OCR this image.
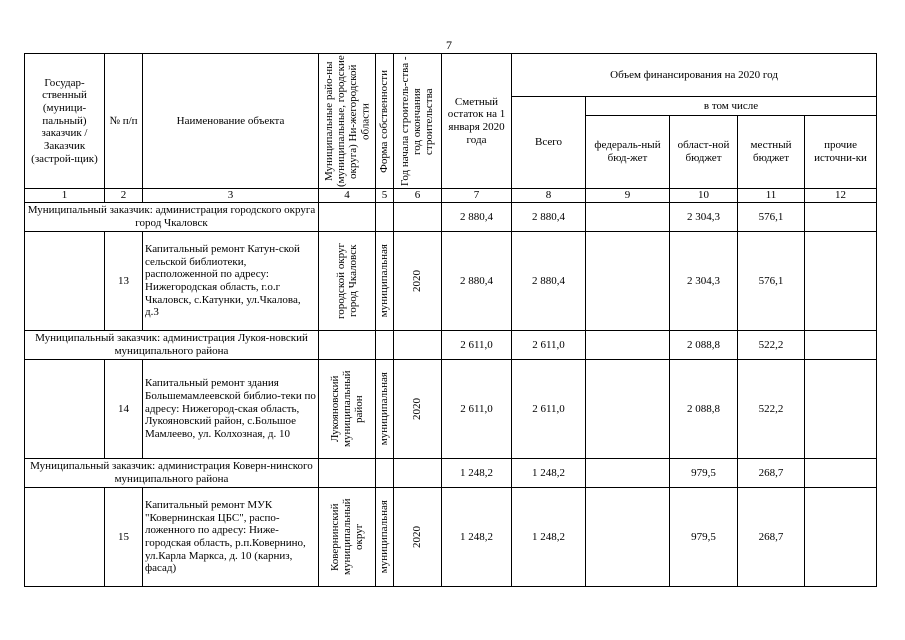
7
Государ-ственный (муници-пальный) заказчик / Заказчик (застрой-щик)	№ п/п	Наименование объекта	Муниципальные райо-ны (муниципальные, городские округа) Ни-жегородской области	Форма собственности	Год начала строитель-ства - год окончания строительства	Сметный остаток на 1 января 2020 года	Объем финансирования на 2020 год				
							Всего	в том числе			
								федераль-ный бюд-жет	област-ной бюджет	местный бюджет	прочие источни-ки
1	2	3	4	5	6	7	8	9	10	11	12
Муниципальный заказчик: администрация городского округа город Чкаловск						2 880,4	2 880,4		2 304,3	576,1	
	13	Капитальный ремонт Катун-ской сельской библиотеки, расположенной по адресу: Нижегородская область, г.о.г Чкаловск, с.Катунки, ул.Чкалова, д.3	городской округ город Чкаловск	муниципальная	2020	2 880,4	2 880,4		2 304,3	576,1	
Муниципальный заказчик: администрация Лукоя-новский муниципального района						2 611,0	2 611,0		2 088,8	522,2	
	14	Капитальный ремонт здания Большемамлеевской библио-теки по адресу: Нижегород-ская область, Лукояновский район, с.Большое Мамлеево, ул. Колхозная, д. 10	Лукояновский муниципальный район	муниципальная	2020	2 611,0	2 611,0		2 088,8	522,2	
Муниципальный заказчик: администрация Коверн-нинского муниципального района						1 248,2	1 248,2		979,5	268,7	
	15	Капитальный ремонт МУК "Ковернинская ЦБС", распо-ложенного по адресу: Ниже-городская область, р.п.Ковернино, ул.Карла Маркса, д. 10 (карниз, фасад)	Ковернинский муниципальный округ	муниципальная	2020	1 248,2	1 248,2		979,5	268,7	
